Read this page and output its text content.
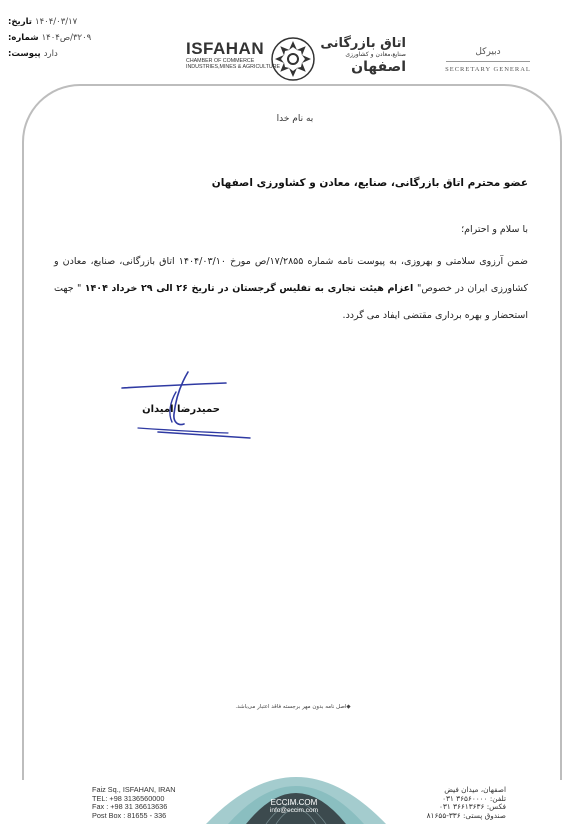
تاریخ: ۱۴۰۴/۰۳/۱۷
شماره: ۳۲۰۹/ص۱۴۰۴
پیوست: دارد	ISFAHAN
CHAMBER OF COMMERCE
INDUSTRIES,MINES & AGRICULTURE
اتاق بازرگانی
صنایع،معادن و کشاورزی
اصفهان
دبیرکل
SECRETARY GENERAL
به نام خدا
عضو محترم اتاق بازرگانی، صنایع، معادن و کشاورزی اصفهان
با سلام و احترام؛
ضمن آرزوی سلامتی و بهروزی، به پیوست نامه شماره ۱۷/۲۸۵۵/ص مورخ ۱۴۰۴/۰۳/۱۰ اتاق بازرگانی، صنایع، معادن و کشاورزی ایران در خصوص" اعزام هیئت تجاری به تفلیس گرجستان در تاریخ ۲۶ الی ۲۹ خرداد ۱۴۰۴ " جهت استحضار و بهره برداری مقتضی ایفاد می گردد.
حمیدرضا امیدان
◆اصل نامه بدون مهر برجسته فاقد اعتبار می‌باشد.
ECCIM.COM
info@eccim.com
Faiz Sq., ISFAHAN, IRAN
TEL: +98 3136560000
Fax : +98 31 36613636
Post Box : 81655 - 336
اصفهان، میدان فیض
تلفن: ۳۶۵۶۰۰۰۰ ۰۳۱
فکس: ۳۶۶۱۳۶۳۶ ۰۳۱
صندوق پستی: ۳۳۶-۸۱۶۵۵
